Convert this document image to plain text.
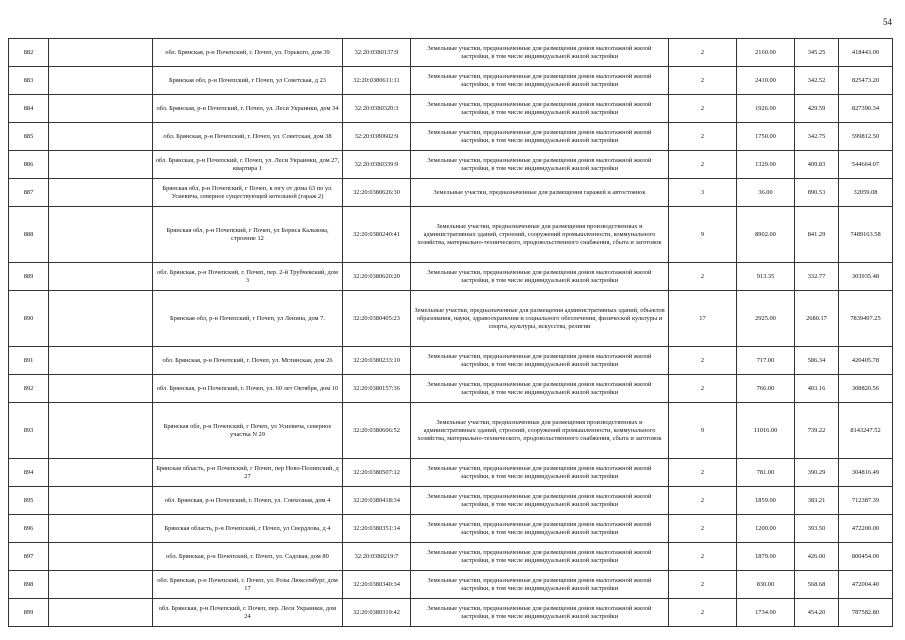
54
882		обл. Брянская, р-н Почепский, г. Почеп, ул. Горького, дом 39	32:20:0380137:9	Земельные участки, предназначенные для размещения домов малоэтажной жилой застройки, в том числе индивидуальной жилой застройки	2	2160.00	345.25	418443.00
883		Брянская обл, р-н Почепский, г Почеп, ул Советская, д 23	32:20:0380611:11	Земельные участки, предназначенные для размещения домов малоэтажной жилой застройки, в том числе индивидуальной жилой застройки	2	2410.00	342.52	825473.20
884		обл. Брянская, р-н Почепский, г. Почеп, ул. Леси Украинки, дом 34	32:20:0380320:3	Земельные участки, предназначенные для размещения домов малоэтажной жилой застройки, в том числе индивидуальной жилой застройки	2	1926.00	429.59	827390.34
885		обл. Брянская, р-н Почепский, г. Почеп, ул. Советская, дом 38	32:20:0380602:9	Земельные участки, предназначенные для размещения домов малоэтажной жилой застройки, в том числе индивидуальной жилой застройки	2	1750.00	342.75	599812.50
886		обл. Брянская, р-н Почепский, г. Почеп, ул. Леси Украинки, дом 27, квартира 1	32:20:0380339:9	Земельные участки, предназначенные для размещения домов малоэтажной жилой застройки, в том числе индивидуальной жилой застройки	2	1329.00	409.83	544664.07
887		Брянская обл, р-н Почепский, г Почеп, к югу от дома 63 по ул. Усиевича, северное существующей котельной (гараж 2)	32:20:0380626:30	Земельные участки, предназначенные для размещения гаражей и автостоянок	3	36.00	890.53	32059.08
888		Брянская обл, р-н Почепский, г Почеп, ул Бориса Калькова, строение 12	32:20:0380240:41	Земельные участки, предназначенные для размещения производственных и административных зданий, строений, сооружений промышленности, коммунального хозяйства, материально-технического, продовольственного снабжения, сбыта и заготовок	9	8902.00	841.29	7489163.58
889		обл. Брянская, р-н Почепский, г. Почеп, пер. 2-й Трубчевский, дом 3	32:20:0380620:20	Земельные участки, предназначенные для размещения домов малоэтажной жилой застройки, в том числе индивидуальной жилой застройки	2	913.35	332.77	303935.48
890		Брянская обл, р-н Почепский, г Почеп, ул Ленина, дом 7.	32:20:0380405:23	Земельные участки, предназначенные для размещения административных зданий, объектов образования, науки, здравоохранения и социального обеспечения, физической культуры и спорта, культуры, искусства, религии	17	2925.00	2680.17	7839497.25
891		обл. Брянская, р-н Почепский, г. Почеп, ул. Мглинская, дом 26	32:20:0380233:10	Земельные участки, предназначенные для размещения домов малоэтажной жилой застройки, в том числе индивидуальной жилой застройки	2	717.00	586.34	420405.78
892		обл. Брянская, р-н Почепский, г. Почеп, ул. 60 лет Октября, дом 10	32:20:0380157:36	Земельные участки, предназначенные для размещения домов малоэтажной жилой застройки, в том числе индивидуальной жилой застройки	2	766.00	403.16	308820.56
893		Брянская обл, р-н Почепский, г Почеп, ул Усиевича, северное участка N 29	32:20:0380606:52	Земельные участки, предназначенные для размещения производственных и административных зданий, строений, сооружений промышленности, коммунального хозяйства, материально-технического, продовольственного снабжения, сбыта и заготовок	9	11016.00	739.22	8143247.52
894		Брянская область, р-н Почепский, г Почеп, пер Ново-Полипский, д 27	32:20:0380507:12	Земельные участки, предназначенные для размещения домов малоэтажной жилой застройки, в том числе индивидуальной жилой застройки	2	781.00	390.29	304816.49
895		обл. Брянская, р-н Почепский, г. Почеп, ул. Совхозная, дом 4	32:20:0380418:34	Земельные участки, предназначенные для размещения домов малоэтажной жилой застройки, в том числе индивидуальной жилой застройки	2	1859.00	383.21	712387.39
896		Брянская область, р-н Почепский, г Почеп, ул Свердлова, д 4	32:20:0380351:14	Земельные участки, предназначенные для размещения домов малоэтажной жилой застройки, в том числе индивидуальной жилой застройки	2	1200.00	393.50	472200.00
897		обл. Брянская, р-н Почепский, г. Почеп, ул. Садовая, дом 80	32:20:0380219:7	Земельные участки, предназначенные для размещения домов малоэтажной жилой застройки, в том числе индивидуальной жилой застройки	2	1879.00	426.00	800454.00
898		обл. Брянская, р-н Почепский, г. Почеп, ул. Розы Люксембург, дом 17	32:20:0380340:34	Земельные участки, предназначенные для размещения домов малоэтажной жилой застройки, в том числе индивидуальной жилой застройки	2	830.00	568.68	472004.40
899		обл. Брянская, р-н Почепский, г. Почеп, пер. Леси Украинки, дом 24	32:20:0380319:42	Земельные участки, предназначенные для размещения домов малоэтажной жилой застройки, в том числе индивидуальной жилой застройки	2	1734.00	454.20	787582.80
